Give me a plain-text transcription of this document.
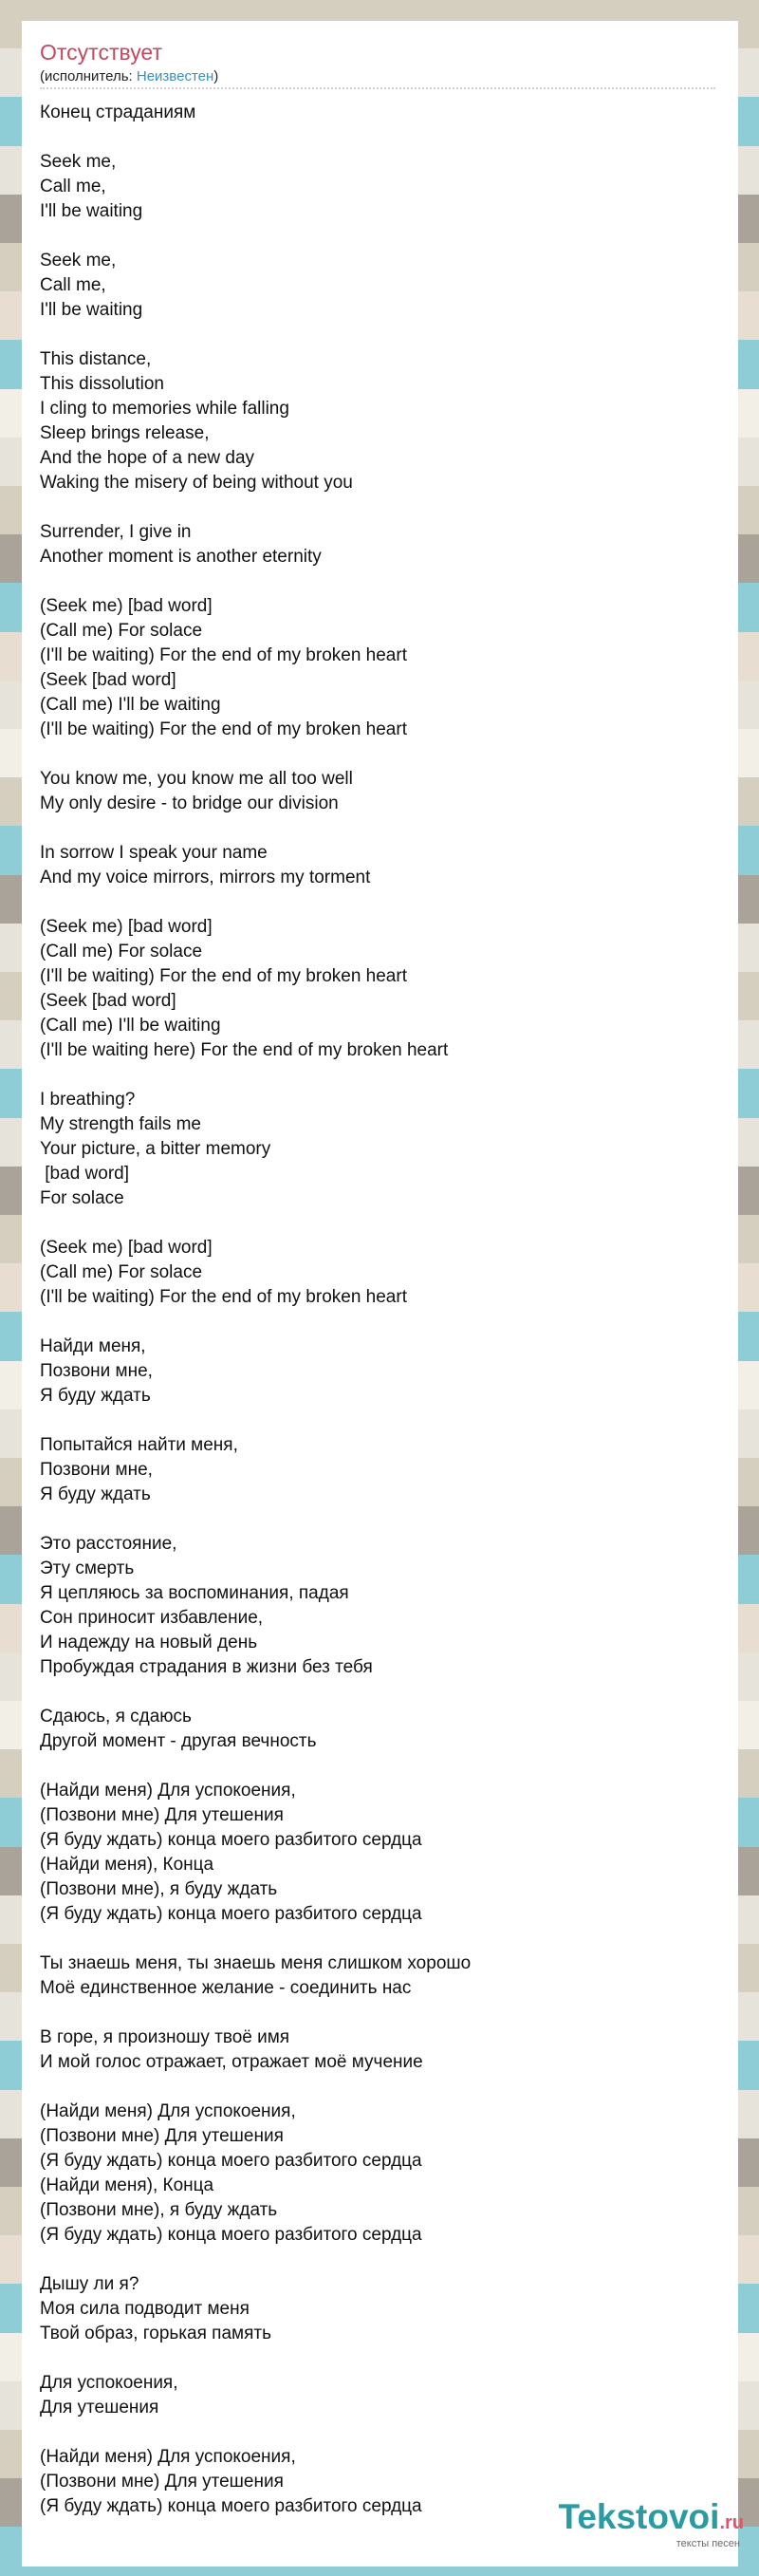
Отсутствует
(исполнитель: Неизвестен)
Конец страданиям
Seek me,
Call me,
I'll be waiting
Seek me,
Call me,
I'll be waiting
This distance,
This dissolution
I cling to memories while falling
Sleep brings release,
And the hope of a new day
Waking the misery of being without you
Surrender, I give in
Another moment is another eternity
(Seek me) [bad word]
(Call me) For solace
(I'll be waiting) For the end of my broken heart
(Seek [bad word]
(Call me) I'll be waiting
(I'll be waiting) For the end of my broken heart
You know me, you know me all too well
My only desire - to bridge our division
In sorrow I speak your name
And my voice mirrors, mirrors my torment
(Seek me) [bad word]
(Call me) For solace
(I'll be waiting) For the end of my broken heart
(Seek [bad word]
(Call me) I'll be waiting
(I'll be waiting here) For the end of my broken heart
I breathing?
My strength fails me
Your picture, a bitter memory
[bad word]
For solace
(Seek me) [bad word]
(Call me) For solace
(I'll be waiting) For the end of my broken heart
Найди меня,
Позвони мне,
Я буду ждать
Попытайся найти меня,
Позвони мне,
Я буду ждать
Это расстояние,
Эту смерть
Я цепляюсь за воспоминания, падая
Сон приносит избавление,
И надежду на новый день
Пробуждая страдания в жизни без тебя
Сдаюсь, я сдаюсь
Другой момент - другая вечность
(Найди меня) Для успокоения,
(Позвони мне) Для утешения
(Я буду ждать) конца моего разбитого сердца
(Найди меня), Конца
(Позвони мне), я буду ждать
(Я буду ждать) конца моего разбитого сердца
Ты знаешь меня, ты знаешь меня слишком хорошо
Моё единственное желание - соединить нас
В горе, я произношу твоё имя
И мой голос отражает, отражает моё мучение
(Найди меня) Для успокоения,
(Позвони мне) Для утешения
(Я буду ждать) конца моего разбитого сердца
(Найди меня), Конца
(Позвони мне), я буду ждать
(Я буду ждать) конца моего разбитого сердца
Дышу ли я?
Моя сила подводит меня
Твой образ, горькая память
Для успокоения,
Для утешения
(Найди меня) Для успокоения,
(Позвони мне) Для утешения
(Я буду ждать) конца моего разбитого сердца	Tekstovoi.ru
тексты песен
